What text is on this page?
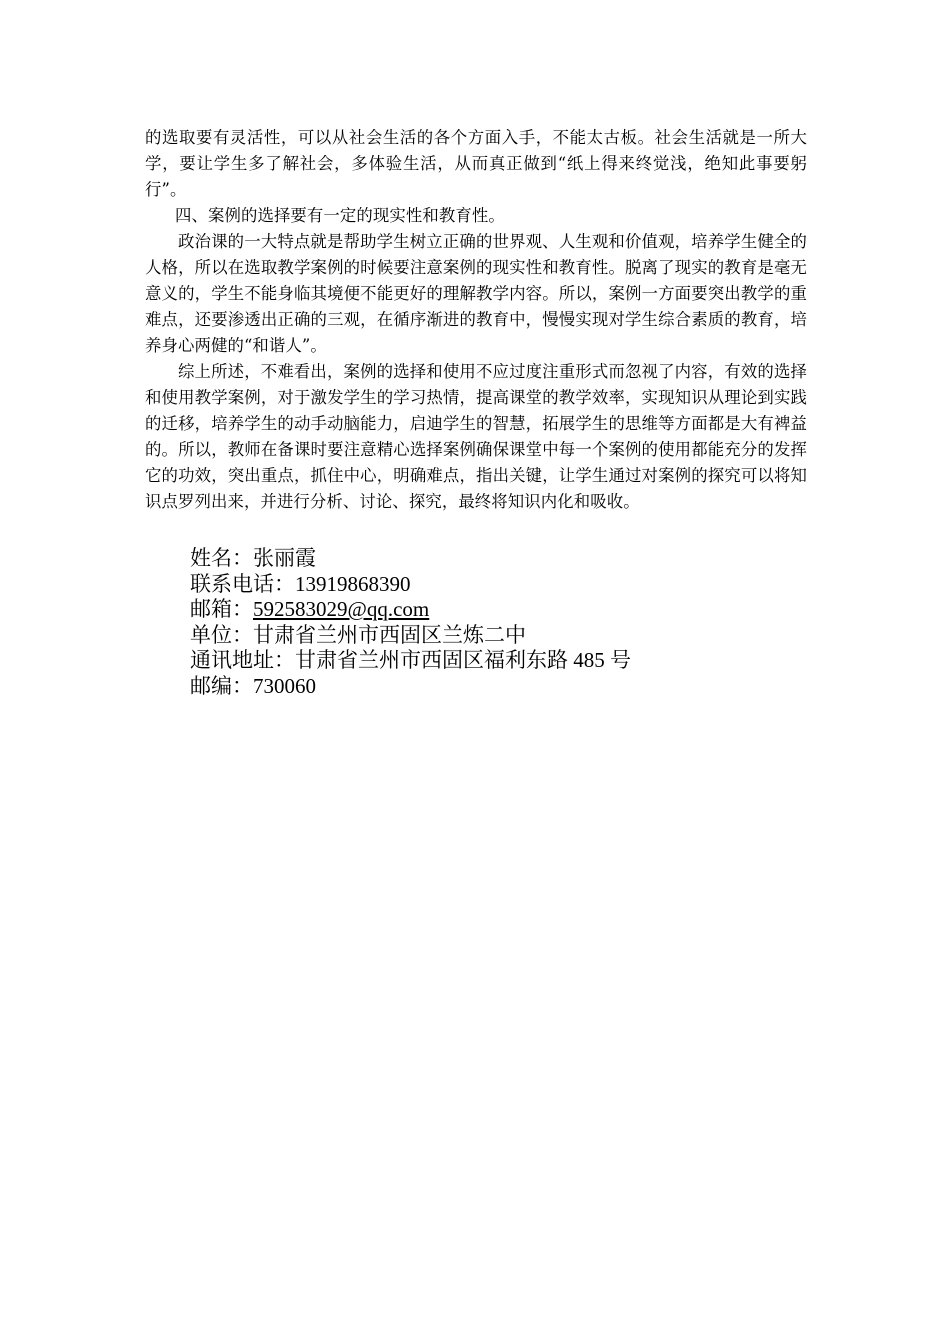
的选取要有灵活性，可以从社会生活的各个方面入手，不能太古板。社会生活就是一所大学，要让学生多了解社会，多体验生活，从而真正做到“纸上得来终觉浅，绝知此事要躬行”。

四、案例的选择要有一定的现实性和教育性。

政治课的一大特点就是帮助学生树立正确的世界观、人生观和价值观，培养学生健全的人格，所以在选取教学案例的时候要注意案例的现实性和教育性。脱离了现实的教育是毫无意义的，学生不能身临其境便不能更好的理解教学内容。所以，案例一方面要突出教学的重难点，还要渗透出正确的三观，在循序渐进的教育中，慢慢实现对学生综合素质的教育，培养身心两健的“和谐人”。

综上所述，不难看出，案例的选择和使用不应过度注重形式而忽视了内容，有效的选择和使用教学案例，对于激发学生的学习热情，提高课堂的教学效率，实现知识从理论到实践的迁移，培养学生的动手动脑能力，启迪学生的智慧，拓展学生的思维等方面都是大有裨益的。所以，教师在备课时要注意精心选择案例确保课堂中每一个案例的使用都能充分的发挥它的功效，突出重点，抓住中心，明确难点，指出关键，让学生通过对案例的探究可以将知识点罗列出来，并进行分析、讨论、探究，最终将知识内化和吸收。

姓名：张丽霞
联系电话：13919868390
邮箱：592583029@qq.com
单位：甘肃省兰州市西固区兰炼二中
通讯地址：甘肃省兰州市西固区福利东路 485 号
邮编：730060
